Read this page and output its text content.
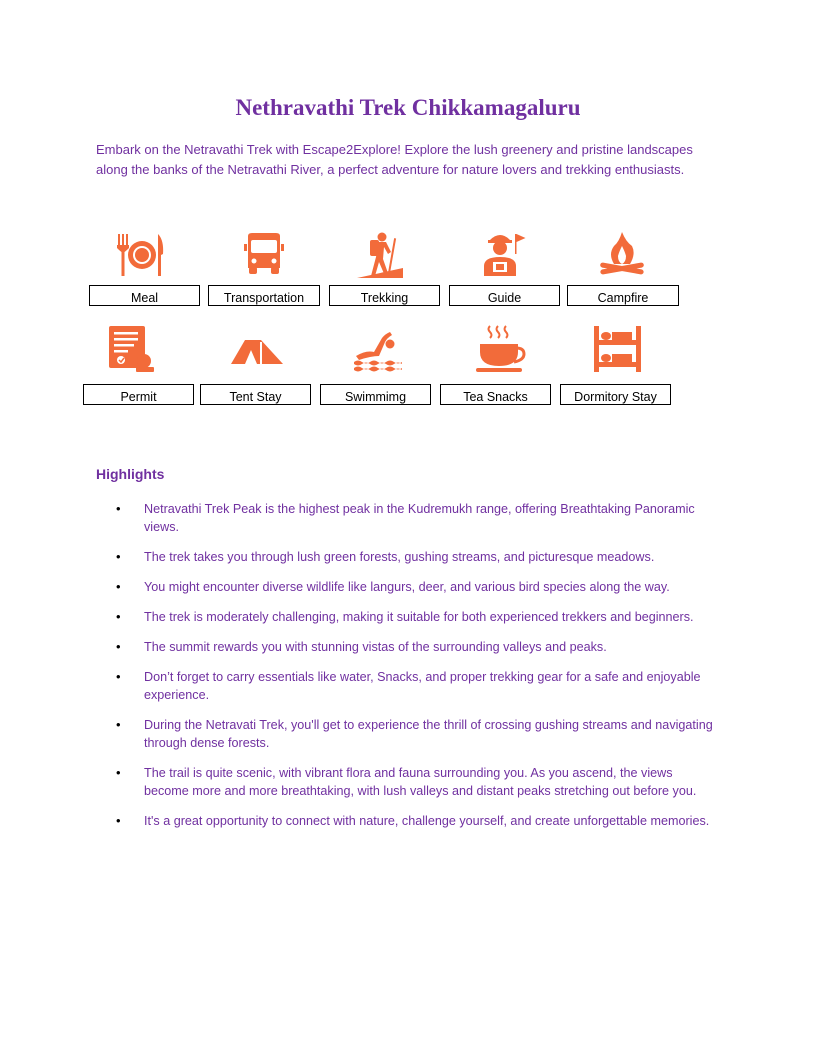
Nethravathi Trek Chikkamagaluru

Embark on the Netravathi Trek with Escape2Explore! Explore the lush greenery and pristine landscapes along the banks of the Netravathi River, a perfect adventure for nature lovers and trekking enthusiasts.

Meal	Transportation	Trekking	Guide	Campfire
Permit	Tent Stay	Swimmimg	Tea Snacks	Dormitory Stay
Highlights
• Netravathi Trek Peak is the highest peak in the Kudremukh range, offering Breathtaking Panoramic views.
• The trek takes you through lush green forests, gushing streams, and picturesque meadows.
• You might encounter diverse wildlife like langurs, deer, and various bird species along the way.
• The trek is moderately challenging, making it suitable for both experienced trekkers and beginners.
• The summit rewards you with stunning vistas of the surrounding valleys and peaks.
• Don’t forget to carry essentials like water, Snacks, and proper trekking gear for a safe and enjoyable experience.
• During the Netravati Trek, you'll get to experience the thrill of crossing gushing streams and navigating through dense forests.
• The trail is quite scenic, with vibrant flora and fauna surrounding you. As you ascend, the views become more and more breathtaking, with lush valleys and distant peaks stretching out before you.
• It's a great opportunity to connect with nature, challenge yourself, and create unforgettable memories.
